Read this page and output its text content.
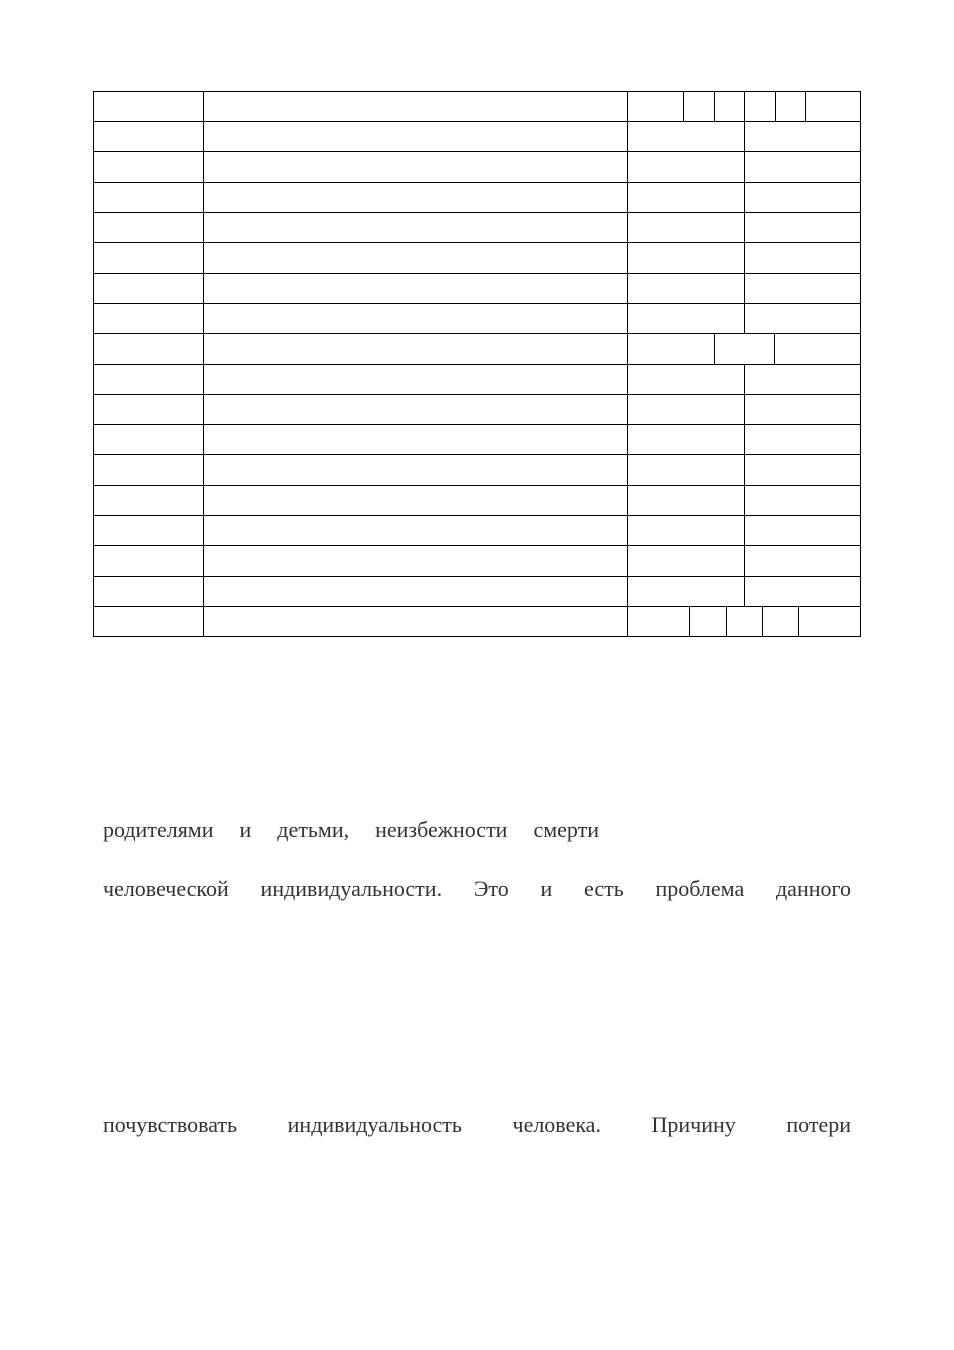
родителями и детьми, неизбежности смерти
человеческой индивидуальности. Это и есть проблема данного
почувствовать индивидуальность человека. Причину потери
